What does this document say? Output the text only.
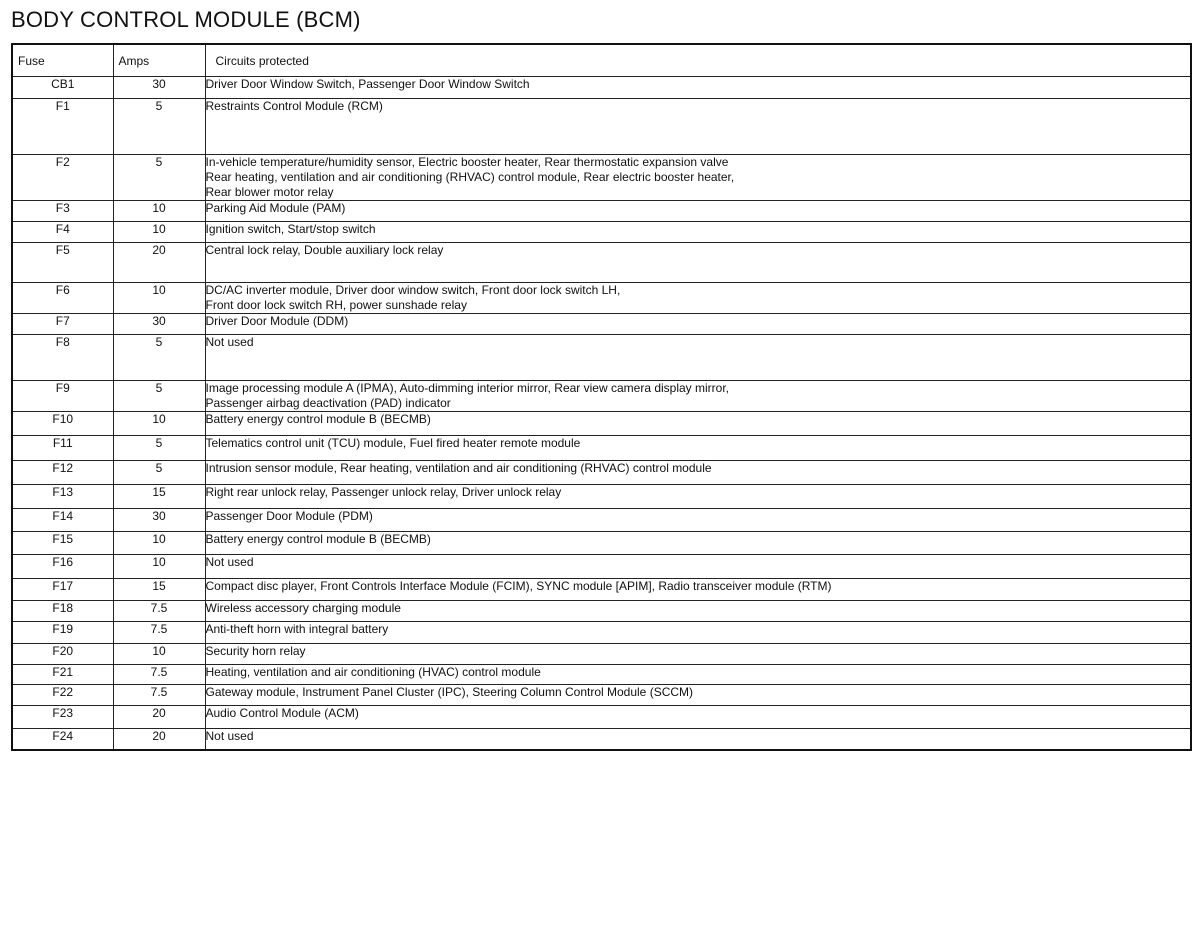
BODY CONTROL MODULE (BCM)
Fuse	Amps	Circuits protected
CB1	30	Driver Door Window Switch, Passenger Door Window Switch

F1	5	Restraints Control Module (RCM)

F2	5	In-vehicle temperature/humidity sensor, Electric booster heater, Rear thermostatic expansion valve
Rear heating, ventilation and air conditioning (RHVAC) control module, Rear electric booster heater,
Rear blower motor relay

F3	10	Parking Aid Module (PAM)

F4	10	Ignition switch, Start/stop switch

F5	20	Central lock relay, Double auxiliary lock relay

F6	10	DC/AC inverter module, Driver door window switch, Front door lock switch LH,
Front door lock switch RH, power sunshade relay

F7	30	Driver Door Module (DDM)

F8	5	Not used

F9	5	Image processing module A (IPMA), Auto-dimming interior mirror, Rear view camera display mirror,
Passenger airbag deactivation (PAD) indicator

F10	10	Battery energy control module B (BECMB)

F11	5	Telematics control unit (TCU) module, Fuel fired heater remote module

F12	5	Intrusion sensor module, Rear heating, ventilation and air conditioning (RHVAC) control module

F13	15	Right rear unlock relay, Passenger unlock relay, Driver unlock relay

F14	30	Passenger Door Module (PDM)

F15	10	Battery energy control module B (BECMB)

F16	10	Not used

F17	15	Compact disc player, Front Controls Interface Module (FCIM), SYNC module [APIM], Radio transceiver module (RTM)

F18	7.5	Wireless accessory charging module

F19	7.5	Anti-theft horn with integral battery

F20	10	Security horn relay

F21	7.5	Heating, ventilation and air conditioning (HVAC) control module

F22	7.5	Gateway module, Instrument Panel Cluster (IPC), Steering Column Control Module (SCCM)

F23	20	Audio Control Module (ACM)

F24	20	Not used
